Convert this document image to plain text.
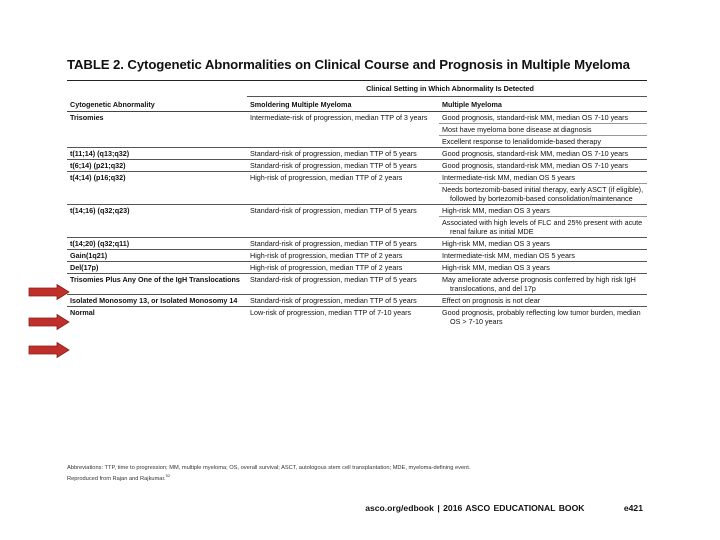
TABLE 2. Cytogenetic Abnormalities on Clinical Course and Prognosis in Multiple Myeloma
Clinical Setting in Which Abnormality Is Detected
Cytogenetic Abnormality	Smoldering Multiple Myeloma	Multiple Myeloma
Trisomies	Intermediate-risk of progression, median TTP of 3 years	Good prognosis, standard-risk MM, median OS 7-10 years

		Most have myeloma bone disease at diagnosis

		Excellent response to lenalidomide-based therapy

t(11;14) (q13;q32)	Standard-risk of progression, median TTP of 5 years	Good prognosis, standard-risk MM, median OS 7-10 years

t(6;14) (p21;q32)	Standard-risk of progression, median TTP of 5 years	Good prognosis, standard-risk MM, median OS 7-10 years

t(4;14) (p16;q32)	High-risk of progression, median TTP of 2 years	Intermediate-risk MM, median OS 5 years

		Needs bortezomib-based initial therapy, early ASCT (if eligible), followed by bortezomib-based consolidation/maintenance

t(14;16) (q32;q23)	Standard-risk of progression, median TTP of 5 years	High-risk MM, median OS 3 years

		Associated with high levels of FLC and 25% present with acute renal failure as initial MDE

t(14;20) (q32;q11)	Standard-risk of progression, median TTP of 5 years	High-risk MM, median OS 3 years

Gain(1q21)	High-risk of progression, median TTP of 2 years	Intermediate-risk MM, median OS 5 years

Del(17p)	High-risk of progression, median TTP of 2 years	High-risk MM, median OS 3 years

Trisomies Plus Any One of the IgH Translocations	Standard-risk of progression, median TTP of 5 years	May ameliorate adverse prognosis conferred by high risk IgH translocations, and del 17p

Isolated Monosomy 13, or Isolated Monosomy 14	Standard-risk of progression, median TTP of 5 years	Effect on prognosis is not clear

Normal	Low-risk of progression, median TTP of 7-10 years	Good prognosis, probably reflecting low tumor burden, median OS > 7-10 years

Abbreviations: TTP, time to progression; MM, multiple myeloma; OS, overall survival; ASCT, autologous stem cell transplantation; MDE, myeloma-defining event.
Reproduced from Rajan and Rajkumar.$^{52}$

asco.org/edbook | 2016 ASCO EDUCATIONAL BOOK	e421
